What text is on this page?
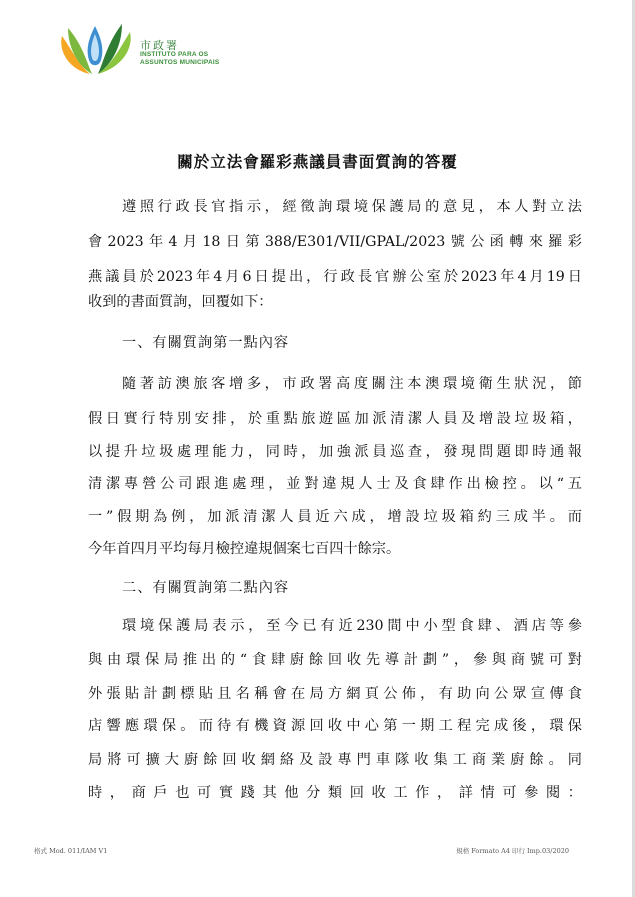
市政署
INSTITUTO PARA OS
ASSUNTOS MUNICIPAIS
關於立法會羅彩燕議員書面質詢的答覆
遵照行政長官指示，經徵詢環境保護局的意見，本人對立法
會2023年4月18日第388/E301/VII/GPAL/2023號公函轉來羅彩
燕議員於2023年4月6日提出，行政長官辦公室於2023年4月19日
收到的書面質詢，回覆如下：
一、有關質詢第一點內容
隨著訪澳旅客增多，市政署高度關注本澳環境衛生狀況，節
假日實行特別安排，於重點旅遊區加派清潔人員及增設垃圾箱，
以提升垃圾處理能力，同時，加強派員巡查，發現問題即時通報
清潔專營公司跟進處理，並對違規人士及食肆作出檢控。以“五
一”假期為例，加派清潔人員近六成，增設垃圾箱約三成半。而
今年首四月平均每月檢控違規個案七百四十餘宗。
二、有關質詢第二點內容
環境保護局表示，至今已有近230間中小型食肆、酒店等參
與由環保局推出的“食肆廚餘回收先導計劃”，參與商號可對
外張貼計劃標貼且名稱會在局方網頁公佈，有助向公眾宣傳食
店響應環保。而待有機資源回收中心第一期工程完成後，環保
局將可擴大廚餘回收網絡及設專門車隊收集工商業廚餘。同
時，商戶也可實踐其他分類回收工作，詳情可參閱：
格式 Mod. 011/IAM V1	規格 Formato A4 印行 Imp.03/2020
